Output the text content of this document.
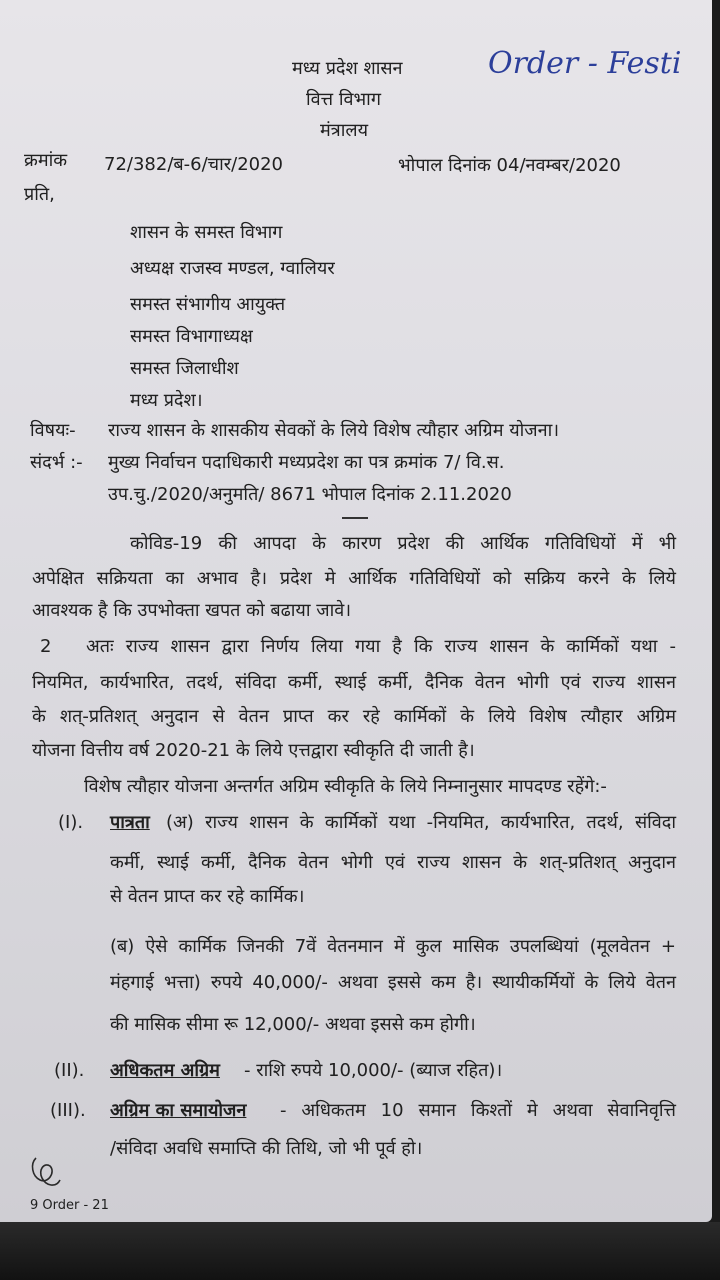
मध्य प्रदेश शासन
वित्त विभाग
मंत्रालय
Order - Festi
क्रमांक 72/382/ब-6/चार/2020	भोपाल दिनांक 04/नवम्बर/2020
प्रति,
शासन के समस्त विभाग
अध्यक्ष राजस्व मण्डल, ग्वालियर
समस्त संभागीय आयुक्त
समस्त विभागाध्यक्ष
समस्त जिलाधीश
मध्य प्रदेश।
विषयः- राज्य शासन के शासकीय सेवकों के लिये विशेष त्यौहार अग्रिम योजना।
संदर्भ :- मुख्य निर्वाचन पदाधिकारी मध्यप्रदेश का पत्र क्रमांक 7/ वि.स.
उप.चु./2020/अनुमति/ 8671 भोपाल दिनांक 2.11.2020
कोविड-19 की आपदा के कारण प्रदेश की आर्थिक गतिविधियों में भी
अपेक्षित सक्रियता का अभाव है। प्रदेश मे आर्थिक गतिविधियों को सक्रिय करने के लिये
आवश्यक है कि उपभोक्ता खपत को बढाया जावे।
2 अतः राज्य शासन द्वारा निर्णय लिया गया है कि राज्य शासन के कार्मिकों यथा -
नियमित, कार्यभारित, तदर्थ, संविदा कर्मी, स्थाई कर्मी, दैनिक वेतन भोगी एवं राज्य शासन
के शत्-प्रतिशत् अनुदान से वेतन प्राप्त कर रहे कार्मिकों के लिये विशेष त्यौहार अग्रिम
योजना वित्तीय वर्ष 2020-21 के लिये एत्तद्वारा स्वीकृति दी जाती है।
विशेष त्यौहार योजना अन्तर्गत अग्रिम स्वीकृति के लिये निम्नानुसार मापदण्ड रहेंगे:-
(I). पात्रता (अ) राज्य शासन के कार्मिकों यथा -नियमित, कार्यभारित, तदर्थ, संविदा
कर्मी, स्थाई कर्मी, दैनिक वेतन भोगी एवं राज्य शासन के शत्-प्रतिशत् अनुदान
से वेतन प्राप्त कर रहे कार्मिक।
(ब) ऐसे कार्मिक जिनकी 7वें वेतनमान में कुल मासिक उपलब्धियां (मूलवेतन +
मंहगाई भत्ता) रुपये 40,000/- अथवा इससे कम है। स्थायीकर्मियों के लिये वेतन
की मासिक सीमा रू 12,000/- अथवा इससे कम होगी।
(II). अधिकतम अग्रिम - राशि रुपये 10,000/- (ब्याज रहित)।
(III). अग्रिम का समायोजन - अधिकतम 10 समान किश्तों मे अथवा सेवानिवृत्ति
/संविदा अवधि समाप्ति की तिथि, जो भी पूर्व हो।
9 Order - 21
